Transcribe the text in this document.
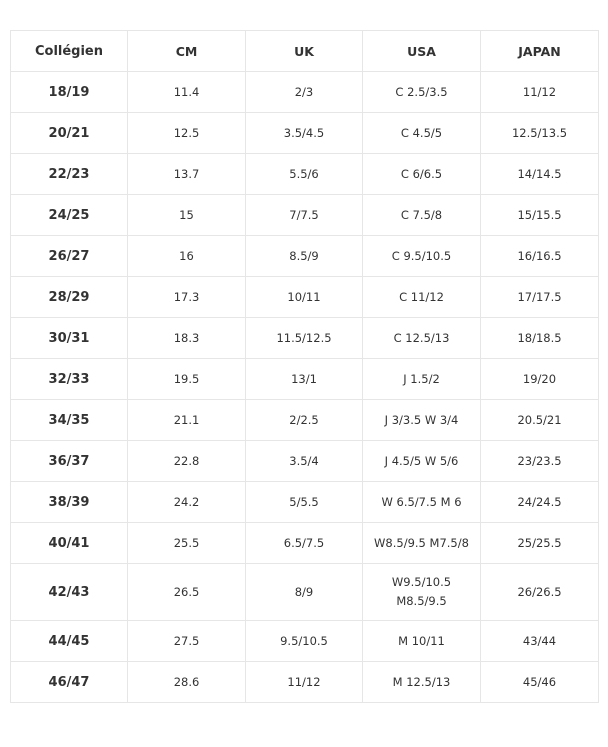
Collégien	CM	UK	USA	JAPAN
18/19	11.4	2/3	C 2.5/3.5	11/12
20/21	12.5	3.5/4.5	C 4.5/5	12.5/13.5
22/23	13.7	5.5/6	C 6/6.5	14/14.5
24/25	15	7/7.5	C 7.5/8	15/15.5
26/27	16	8.5/9	C 9.5/10.5	16/16.5
28/29	17.3	10/11	C 11/12	17/17.5
30/31	18.3	11.5/12.5	C 12.5/13	18/18.5
32/33	19.5	13/1	J 1.5/2	19/20
34/35	21.1	2/2.5	J 3/3.5 W 3/4	20.5/21
36/37	22.8	3.5/4	J 4.5/5 W 5/6	23/23.5
38/39	24.2	5/5.5	W 6.5/7.5 M 6	24/24.5
40/41	25.5	6.5/7.5	W8.5/9.5 M7.5/8	25/25.5
42/43	26.5	8/9	W9.5/10.5 M8.5/9.5	26/26.5
44/45	27.5	9.5/10.5	M 10/11	43/44
46/47	28.6	11/12	M 12.5/13	45/46
